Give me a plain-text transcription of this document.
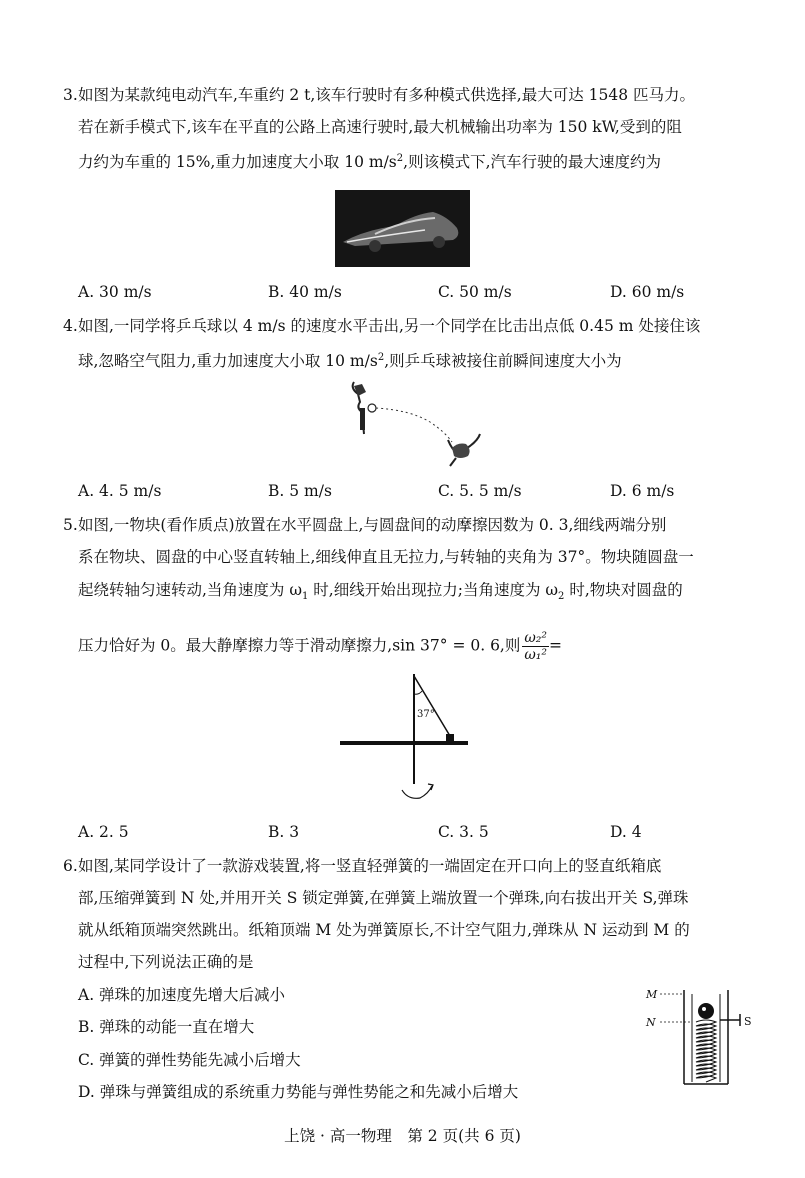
3. 如图为某款纯电动汽车,车重约 2 t,该车行驶时有多种模式供选择,最大可达 1548 匹马力。
若在新手模式下,该车在平直的公路上高速行驶时,最大机械输出功率为 150 kW,受到的阻
力约为车重的 15%,重力加速度大小取 10 $m/s^2$,则该模式下,汽车行驶的最大速度约为
A. 30 m/s	B. 40 m/s	C. 50 m/s	D. 60 m/s
4. 如图,一同学将乒乓球以 4 m/s 的速度水平击出,另一个同学在比击出点低 0.45 m 处接住该
球,忽略空气阻力,重力加速度大小取 10 $m/s^2$,则乒乓球被接住前瞬间速度大小为
A. 4. 5 m/s	B. 5 m/s	C. 5. 5 m/s	D. 6 m/s
5. 如图,一物块(看作质点)放置在水平圆盘上,与圆盘间的动摩擦因数为 0. 3,细线两端分别
系在物块、圆盘的中心竖直转轴上,细线伸直且无拉力,与转轴的夹角为 37°。物块随圆盘一
起绕转轴匀速转动,当角速度为 $\omega_1$ 时,细线开始出现拉力;当角速度为 $\omega_2$ 时,物块对圆盘的
压力恰好为 0。最大静摩擦力等于滑动摩擦力,sin 37° = 0. 6,则 $\frac{\text{ω₂²}}{\text{ω₁²}}$ =
37°
A. 2. 5	B. 3	C. 3. 5	D. 4
6. 如图,某同学设计了一款游戏装置,将一竖直轻弹簧的一端固定在开口向上的竖直纸箱底
部,压缩弹簧到 N 处,并用开关 S 锁定弹簧,在弹簧上端放置一个弹珠,向右拔出开关 S,弹珠
就从纸箱顶端突然跳出。纸箱顶端 M 处为弹簧原长,不计空气阻力,弹珠从 N 运动到 M 的
过程中,下列说法正确的是
A. 弹珠的加速度先增大后减小
B. 弹珠的动能一直在增大
C. 弹簧的弹性势能先减小后增大
D. 弹珠与弹簧组成的系统重力势能与弹性势能之和先减小后增大
M
N	S
上饶 · 高一物理　第 2 页(共 6 页)
